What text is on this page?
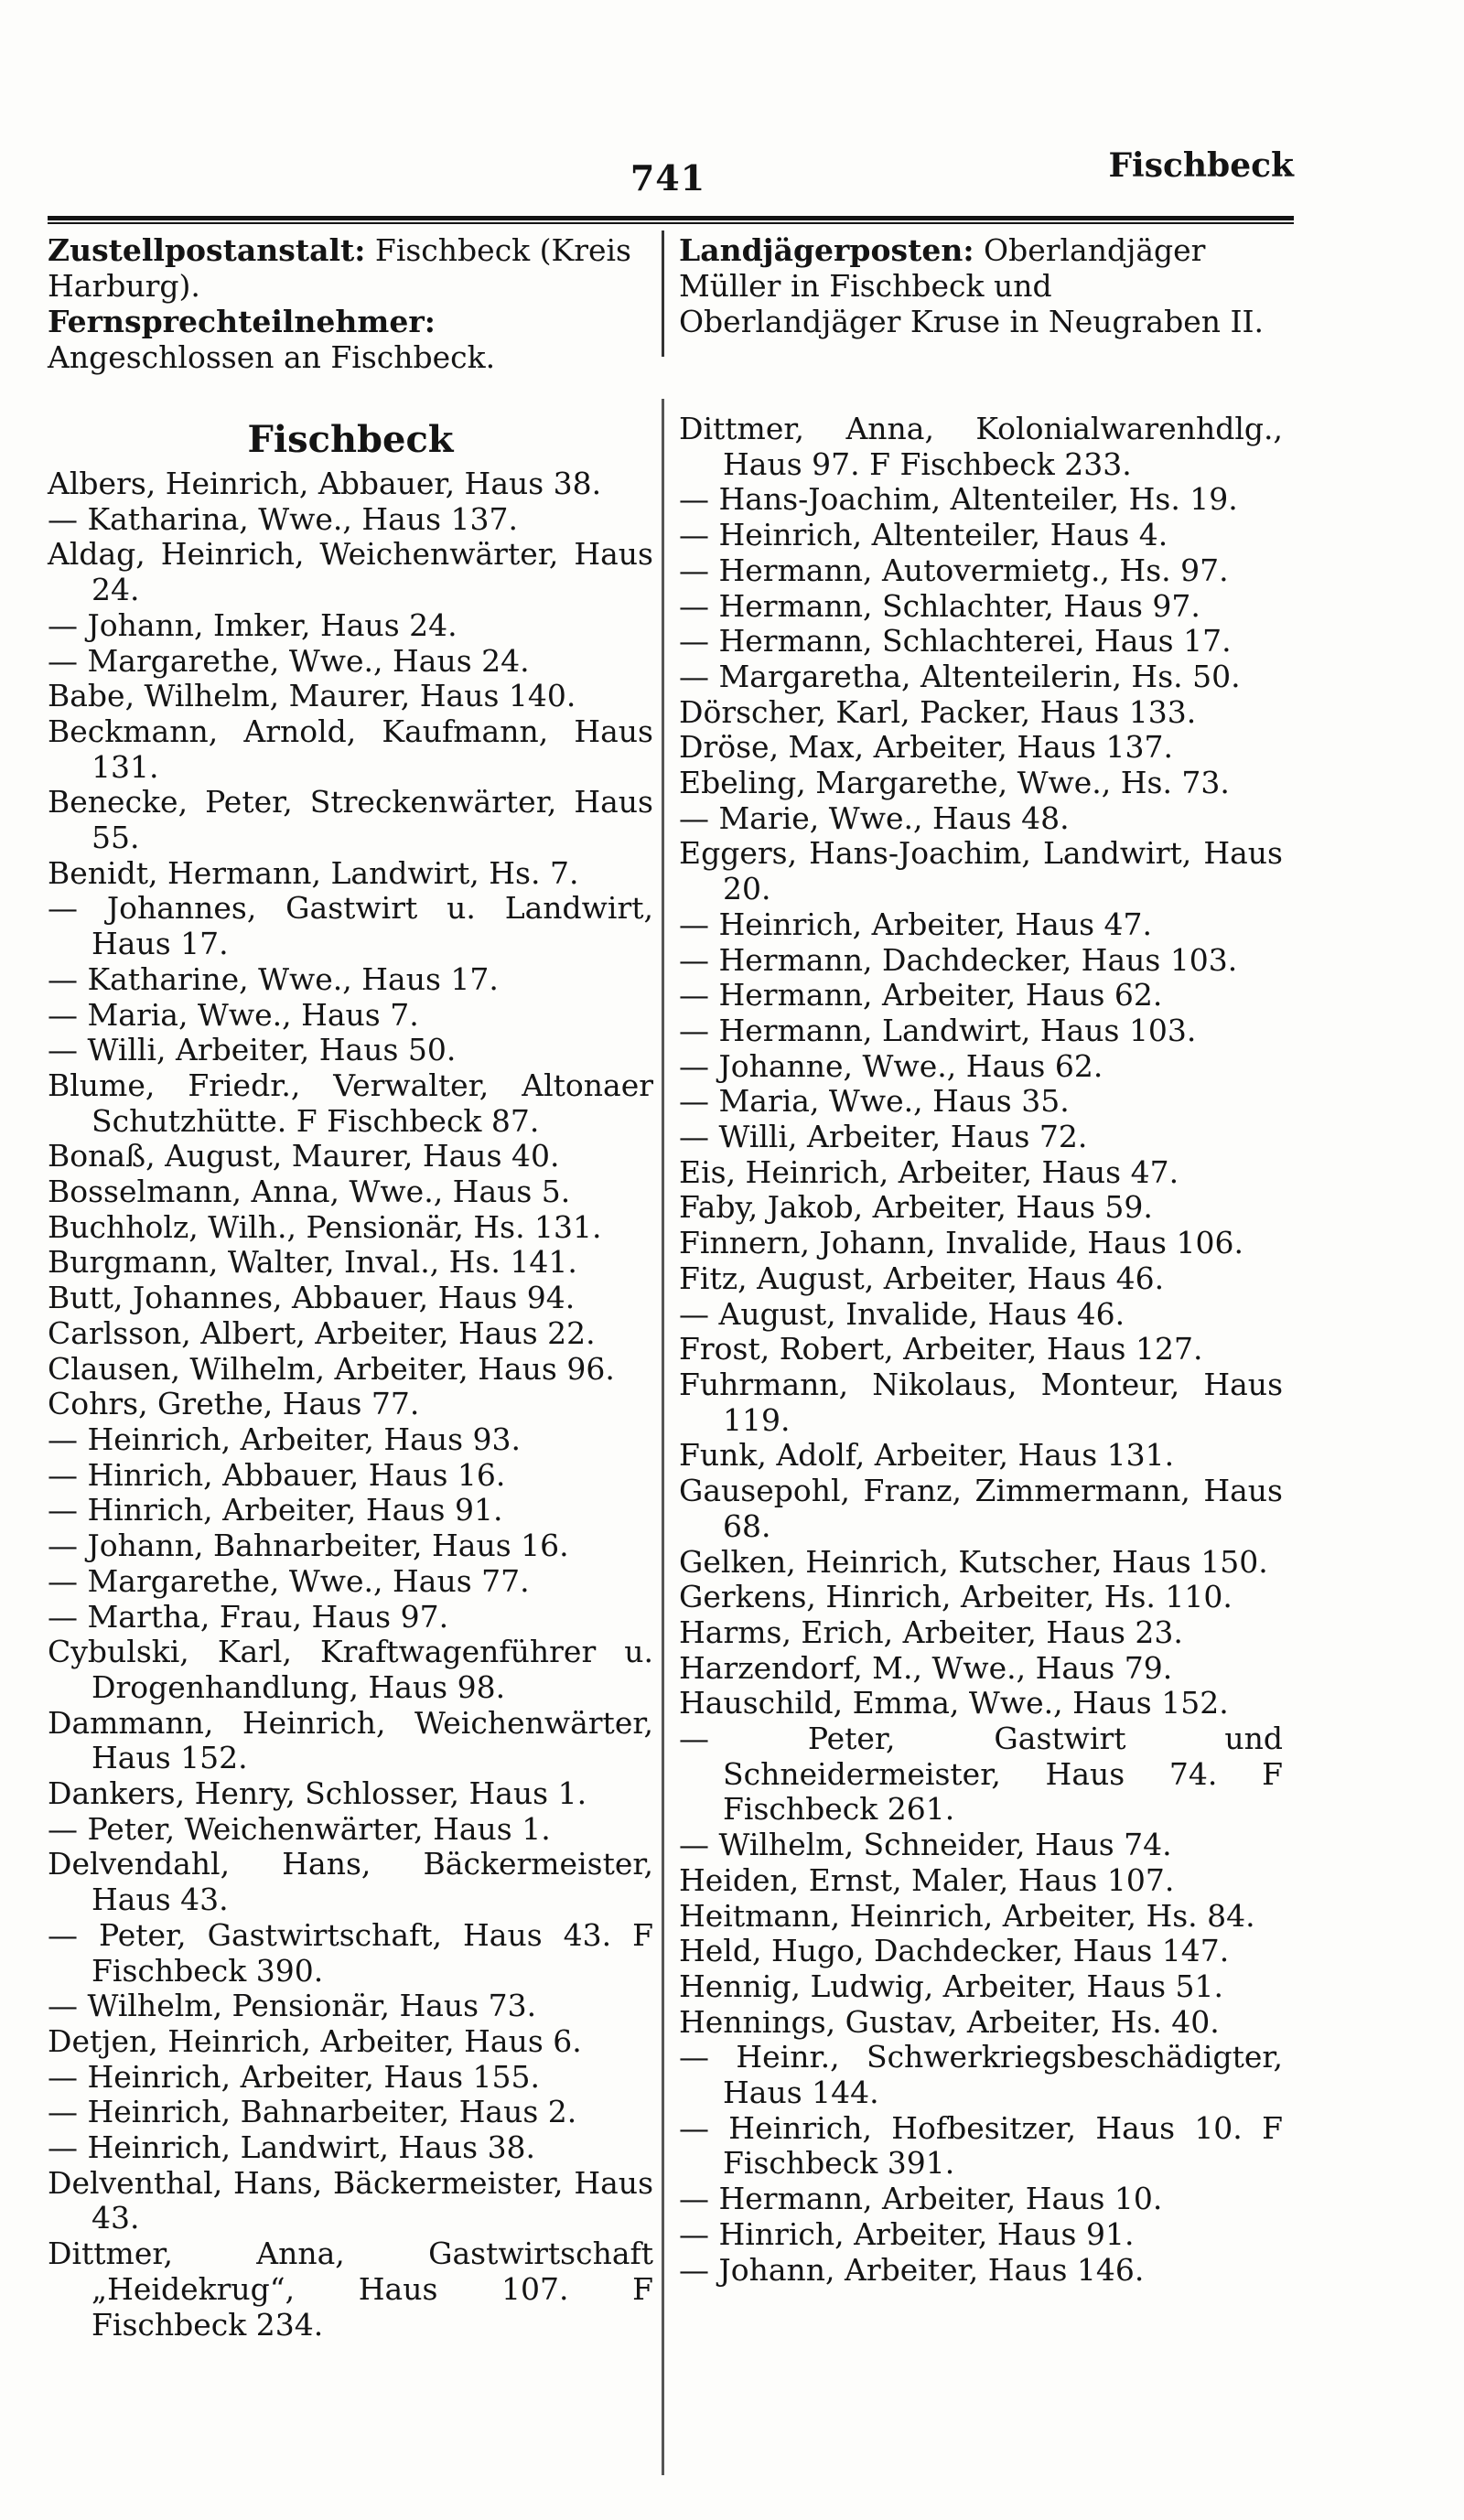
741	Fischbeck

Zustellpostanstalt: Fischbeck (Kreis Harburg).

Fernsprechteilnehmer: Angeschlossen an Fischbeck.

Landjägerposten: Oberlandjäger Müller in Fischbeck und Oberlandjäger Kruse in Neugraben II.

Fischbeck

Albers, Heinrich, Abbauer, Haus 38.

— Katharina, Wwe., Haus 137.

Aldag, Heinrich, Weichenwärter, Haus 24.

— Johann, Imker, Haus 24.

— Margarethe, Wwe., Haus 24.

Babe, Wilhelm, Maurer, Haus 140.

Beckmann, Arnold, Kaufmann, Haus 131.

Benecke, Peter, Streckenwärter, Haus 55.

Benidt, Hermann, Landwirt, Hs. 7.

— Johannes, Gastwirt u. Landwirt, Haus 17.

— Katharine, Wwe., Haus 17.

— Maria, Wwe., Haus 7.

— Willi, Arbeiter, Haus 50.

Blume, Friedr., Verwalter, Altonaer Schutzhütte. F Fischbeck 87.

Bonaß, August, Maurer, Haus 40.

Bosselmann, Anna, Wwe., Haus 5.

Buchholz, Wilh., Pensionär, Hs. 131.

Burgmann, Walter, Inval., Hs. 141.

Butt, Johannes, Abbauer, Haus 94.

Carlsson, Albert, Arbeiter, Haus 22.

Clausen, Wilhelm, Arbeiter, Haus 96.

Cohrs, Grethe, Haus 77.

— Heinrich, Arbeiter, Haus 93.

— Hinrich, Abbauer, Haus 16.

— Hinrich, Arbeiter, Haus 91.

— Johann, Bahnarbeiter, Haus 16.

— Margarethe, Wwe., Haus 77.

— Martha, Frau, Haus 97.

Cybulski, Karl, Kraftwagenführer u. Drogenhandlung, Haus 98.

Dammann, Heinrich, Weichenwärter, Haus 152.

Dankers, Henry, Schlosser, Haus 1.

— Peter, Weichenwärter, Haus 1.

Delvendahl, Hans, Bäckermeister, Haus 43.

— Peter, Gastwirtschaft, Haus 43. F Fischbeck 390.

— Wilhelm, Pensionär, Haus 73.

Detjen, Heinrich, Arbeiter, Haus 6.

— Heinrich, Arbeiter, Haus 155.

— Heinrich, Bahnarbeiter, Haus 2.

— Heinrich, Landwirt, Haus 38.

Delventhal, Hans, Bäckermeister, Haus 43.

Dittmer, Anna, Gastwirtschaft „Heidekrug“, Haus 107. F Fischbeck 234.

Dittmer, Anna, Kolonialwarenhdlg., Haus 97. F Fischbeck 233.

— Hans-Joachim, Altenteiler, Hs. 19.

— Heinrich, Altenteiler, Haus 4.

— Hermann, Autovermietg., Hs. 97.

— Hermann, Schlachter, Haus 97.

— Hermann, Schlachterei, Haus 17.

— Margaretha, Altenteilerin, Hs. 50.

Dörscher, Karl, Packer, Haus 133.

Dröse, Max, Arbeiter, Haus 137.

Ebeling, Margarethe, Wwe., Hs. 73.

— Marie, Wwe., Haus 48.

Eggers, Hans-Joachim, Landwirt, Haus 20.

— Heinrich, Arbeiter, Haus 47.

— Hermann, Dachdecker, Haus 103.

— Hermann, Arbeiter, Haus 62.

— Hermann, Landwirt, Haus 103.

— Johanne, Wwe., Haus 62.

— Maria, Wwe., Haus 35.

— Willi, Arbeiter, Haus 72.

Eis, Heinrich, Arbeiter, Haus 47.

Faby, Jakob, Arbeiter, Haus 59.

Finnern, Johann, Invalide, Haus 106.

Fitz, August, Arbeiter, Haus 46.

— August, Invalide, Haus 46.

Frost, Robert, Arbeiter, Haus 127.

Fuhrmann, Nikolaus, Monteur, Haus 119.

Funk, Adolf, Arbeiter, Haus 131.

Gausepohl, Franz, Zimmermann, Haus 68.

Gelken, Heinrich, Kutscher, Haus 150.

Gerkens, Hinrich, Arbeiter, Hs. 110.

Harms, Erich, Arbeiter, Haus 23.

Harzendorf, M., Wwe., Haus 79.

Hauschild, Emma, Wwe., Haus 152.

— Peter, Gastwirt und Schneidermeister, Haus 74. F Fischbeck 261.

— Wilhelm, Schneider, Haus 74.

Heiden, Ernst, Maler, Haus 107.

Heitmann, Heinrich, Arbeiter, Hs. 84.

Held, Hugo, Dachdecker, Haus 147.

Hennig, Ludwig, Arbeiter, Haus 51.

Hennings, Gustav, Arbeiter, Hs. 40.

— Heinr., Schwerkriegsbeschädigter, Haus 144.

— Heinrich, Hofbesitzer, Haus 10. F Fischbeck 391.

— Hermann, Arbeiter, Haus 10.

— Hinrich, Arbeiter, Haus 91.

— Johann, Arbeiter, Haus 146.
